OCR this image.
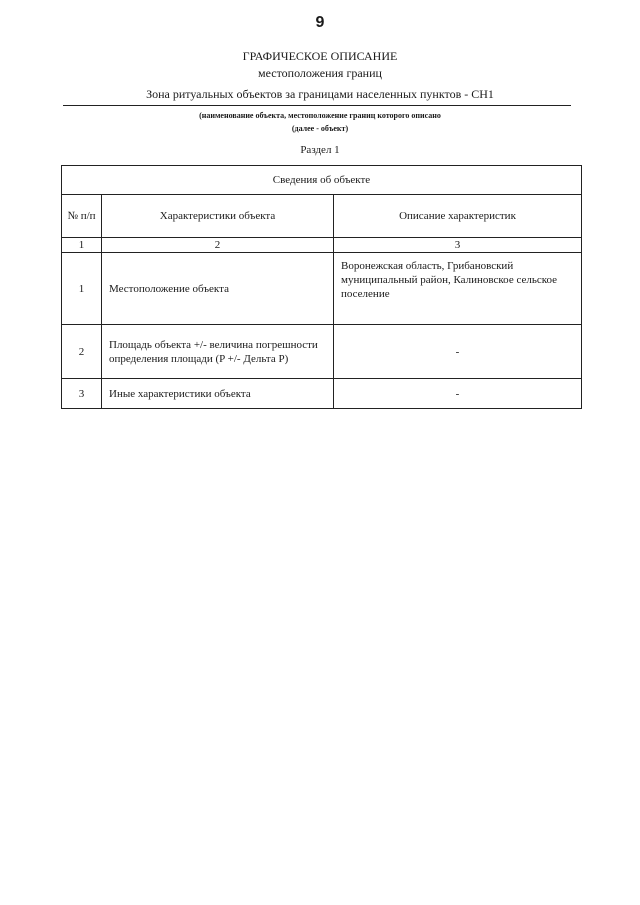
9
ГРАФИЧЕСКОЕ ОПИСАНИЕ
местоположения границ
Зона ритуальных объектов за границами населенных пунктов - СН1
(наименование объекта, местоположение границ которого описано
(далее - объект)
Раздел 1
Сведения об объекте		
№ п/п	Характеристики объекта	Описание характеристик
1	2	3
1	Местоположение объекта	Воронежская область, Грибановский муниципальный район, Калиновское сельское поселение
2	Площадь объекта +/- величина погрешности определения площади (P +/- Дельта P)	-
3	Иные характеристики объекта	-
